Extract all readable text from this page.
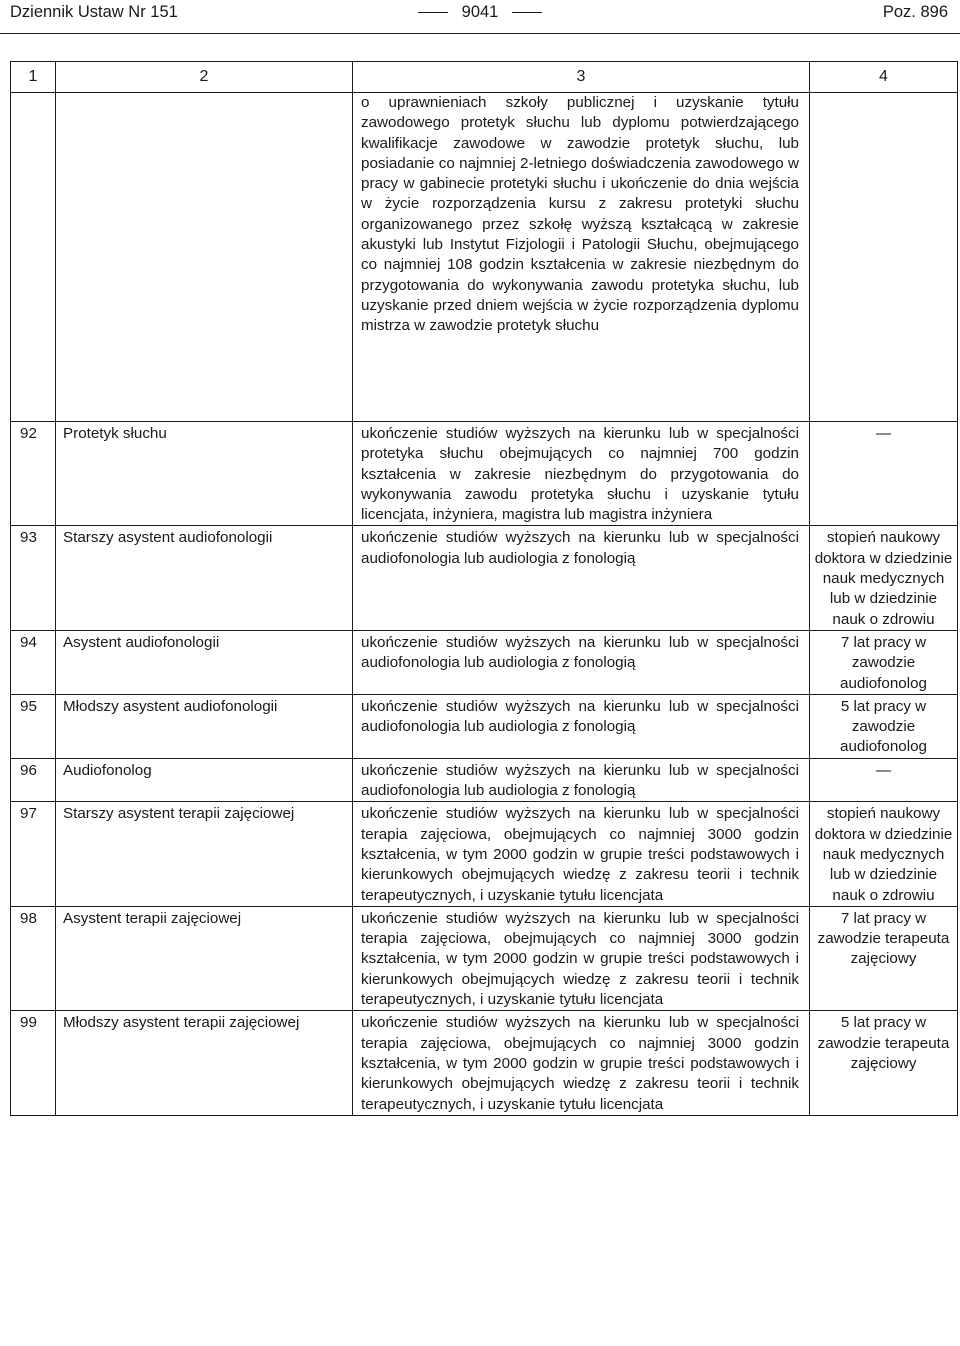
Dziennik Ustaw Nr 151	9041	Poz. 896
1	2	3	4
		o uprawnieniach szkoły publicznej i uzyskanie tytułu zawodowego protetyk słuchu lub dyplomu potwierdzającego kwalifikacje zawodowe w zawodzie protetyk słuchu, lub posiadanie co najmniej 2-letniego doświadczenia zawodowego w pracy w gabinecie protetyki słuchu i ukończenie do dnia wejścia w życie rozporządzenia kursu z zakresu protetyki słuchu organizowanego przez szkołę wyższą kształcącą w zakresie akustyki lub Instytut Fizjologii i Patologii Słuchu, obejmującego co najmniej 108 godzin kształcenia w zakresie niezbędnym do przygotowania do wykonywania zawodu protetyka słuchu, lub uzyskanie przed dniem wejścia w życie rozporządzenia dyplomu mistrza w zawodzie protetyk słuchu	
92	Protetyk słuchu	ukończenie studiów wyższych na kierunku lub w specjalności protetyka słuchu obejmujących co najmniej 700 godzin kształcenia w zakresie niezbędnym do przygotowania do wykonywania zawodu protetyka słuchu i uzyskanie tytułu licencjata, inżyniera, magistra lub magistra inżyniera	—
93	Starszy asystent audiofonologii	ukończenie studiów wyższych na kierunku lub w specjalności audiofonologia lub audiologia z fonologią	stopień naukowy doktora w dziedzinie nauk medycznych lub w dziedzinie nauk o zdrowiu
94	Asystent audiofonologii	ukończenie studiów wyższych na kierunku lub w specjalności audiofonologia lub audiologia z fonologią	7 lat pracy w zawodzie audiofonolog
95	Młodszy asystent audiofonologii	ukończenie studiów wyższych na kierunku lub w specjalności audiofonologia lub audiologia z fonologią	5 lat pracy w zawodzie audiofonolog
96	Audiofonolog	ukończenie studiów wyższych na kierunku lub w specjalności audiofonologia lub audiologia z fonologią	—
97	Starszy asystent terapii zajęciowej	ukończenie studiów wyższych na kierunku lub w specjalności terapia zajęciowa, obejmujących co najmniej 3000 godzin kształcenia, w tym 2000 godzin w grupie treści podstawowych i kierunkowych obejmujących wiedzę z zakresu teorii i technik terapeutycznych, i uzyskanie tytułu licencjata	stopień naukowy doktora w dziedzinie nauk medycznych lub w dziedzinie nauk o zdrowiu
98	Asystent terapii zajęciowej	ukończenie studiów wyższych na kierunku lub w specjalności terapia zajęciowa, obejmujących co najmniej 3000 godzin kształcenia, w tym 2000 godzin w grupie treści podstawowych i kierunkowych obejmujących wiedzę z zakresu teorii i technik terapeutycznych, i uzyskanie tytułu licencjata	7 lat pracy w zawodzie terapeuta zajęciowy
99	Młodszy asystent terapii zajęciowej	ukończenie studiów wyższych na kierunku lub w specjalności terapia zajęciowa, obejmujących co najmniej 3000 godzin kształcenia, w tym 2000 godzin w grupie treści podstawowych i kierunkowych obejmujących wiedzę z zakresu teorii i technik terapeutycznych, i uzyskanie tytułu licencjata	5 lat pracy w zawodzie terapeuta zajęciowy
